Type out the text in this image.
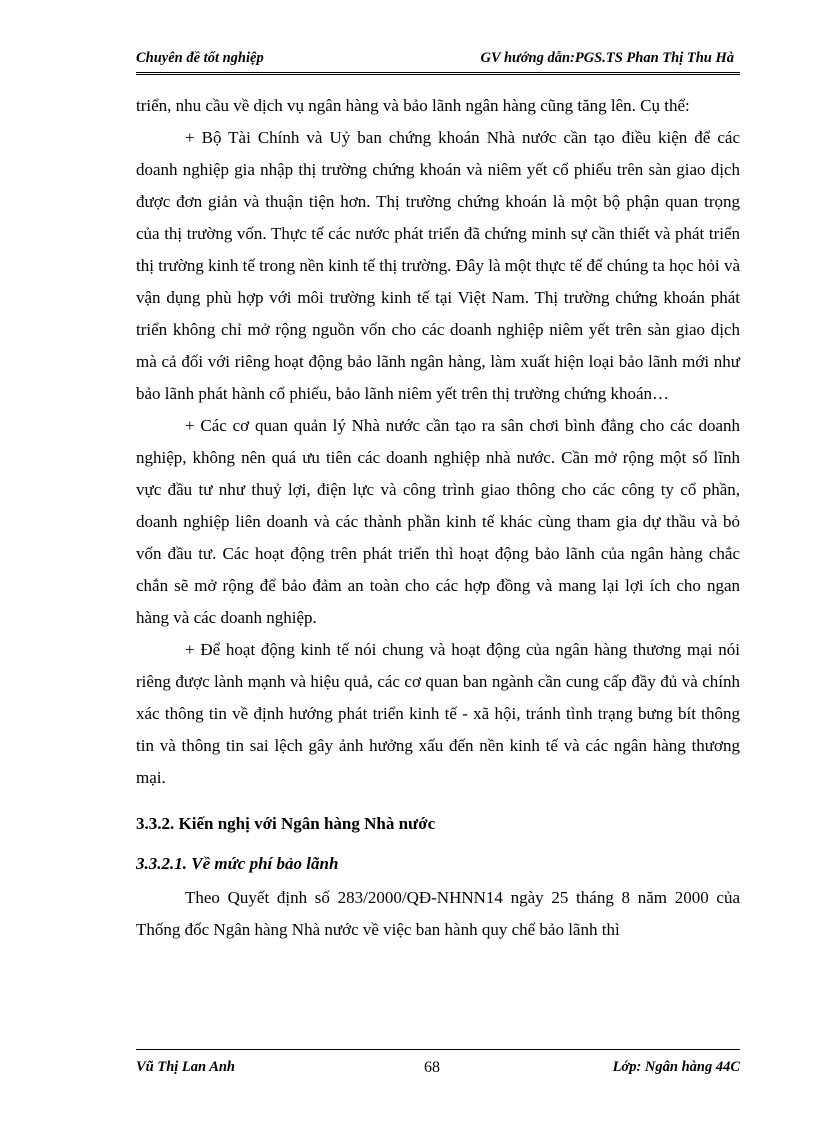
Chuyên đề tốt nghiệp	GV hướng dẫn:PGS.TS Phan Thị Thu Hà

triển, nhu cầu về dịch vụ ngân hàng và bảo lãnh ngân hàng cũng tăng lên. Cụ thể:

+ Bộ Tài Chính và Uỷ ban chứng khoán Nhà nước cần tạo điều kiện để các doanh nghiệp gia nhập thị trường chứng khoán và niêm yết cổ phiếu trên sàn giao dịch được đơn giản và thuận tiện hơn. Thị trường chứng khoán là một bộ phận quan trọng của thị trường vốn. Thực tế các nước phát triển đã chứng minh sự cần thiết và phát triển thị trường kinh tế trong nền kinh tế thị trường. Đây là một thực tế để chúng ta học hỏi và vận dụng phù hợp với môi trường kinh tế tại Việt Nam. Thị trường chứng khoán phát triển không chỉ mở rộng nguồn vốn cho các doanh nghiệp niêm yết trên sàn giao dịch mà cả đối với riêng hoạt động bảo lãnh ngân hàng, làm xuất hiện loại bảo lãnh mới như bảo lãnh phát hành cổ phiếu, bảo lãnh niêm yết trên thị trường chứng khoán…

+ Các cơ quan quản lý Nhà nước cần tạo ra sân chơi bình đẳng cho các doanh nghiệp, không nên quá ưu tiên các doanh nghiệp nhà nước. Cần mở rộng một số lĩnh vực đầu tư như thuỷ lợi, điện lực và công trình giao thông cho các công ty cổ phần, doanh nghiệp liên doanh và các thành phần kinh tế khác cùng tham gia dự thầu và bỏ vốn đầu tư. Các hoạt động trên phát triển thì hoạt động bảo lãnh của ngân hàng chắc chắn sẽ mở rộng để bảo đảm an toàn cho các hợp đồng và mang lại lợi ích cho ngan hàng và các doanh nghiệp.

+ Để hoạt động kinh tế nói chung và hoạt động của ngân hàng thương mại nói riêng được lành mạnh và hiệu quả, các cơ quan ban ngành cần cung cấp đầy đủ và chính xác thông tin về định hướng phát triển kinh tế - xã hội, tránh tình trạng bưng bít thông tin và thông tin sai lệch gây ảnh hưởng xấu đến nền kinh tế và các ngân hàng thương mại.

3.3.2. Kiến nghị với Ngân hàng Nhà nước

3.3.2.1. Về mức phí bảo lãnh

Theo Quyết định số 283/2000/QĐ-NHNN14 ngày 25 tháng 8 năm 2000 của Thống đốc Ngân hàng Nhà nước về việc ban hành quy chế bảo lãnh thì

Vũ Thị Lan Anh	68	Lớp: Ngân hàng 44C
